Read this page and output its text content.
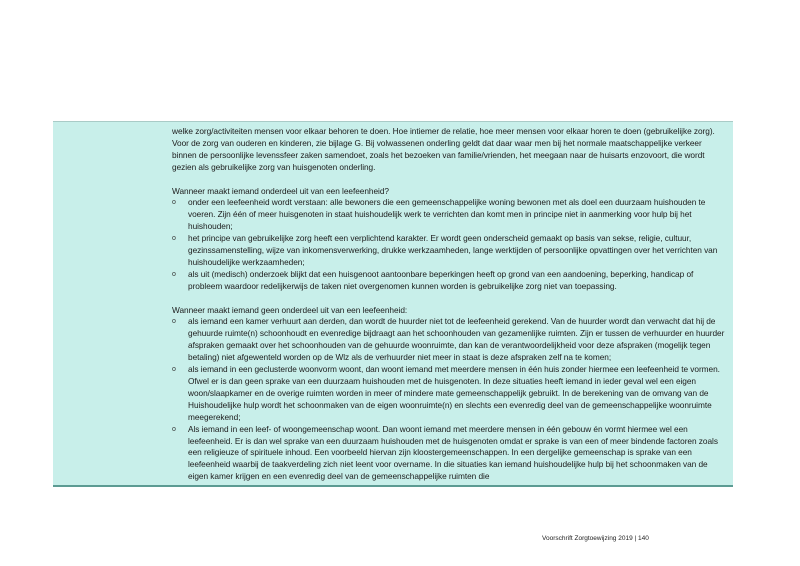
welke zorg/activiteiten mensen voor elkaar behoren te doen. Hoe intiemer de relatie, hoe meer mensen voor elkaar horen te doen (gebruikelijke zorg). Voor de zorg van ouderen en kinderen, zie bijlage G. Bij volwassenen onderling geldt dat daar waar men bij het normale maatschappelijke verkeer binnen de persoonlijke levenssfeer zaken samendoet, zoals het bezoeken van familie/vrienden, het meegaan naar de huisarts enzovoort, die wordt gezien als gebruikelijke zorg van huisgenoten onderling.

Wanneer maakt iemand onderdeel uit van een leefeenheid?

o	onder een leefeenheid wordt verstaan: alle bewoners die een gemeenschappelijke woning bewonen met als doel een duurzaam huishouden te voeren. Zijn één of meer huisgenoten in staat huishoudelijk werk te verrichten dan komt men in principe niet in aanmerking voor hulp bij het huishouden;
o	het principe van gebruikelijke zorg heeft een verplichtend karakter. Er wordt geen onderscheid gemaakt op basis van sekse, religie, cultuur, gezinssamenstelling, wijze van inkomensverwerking, drukke werkzaamheden, lange werktijden of persoonlijke opvattingen over het verrichten van huishoudelijke werkzaamheden;
o	als uit (medisch) onderzoek blijkt dat een huisgenoot aantoonbare beperkingen heeft op grond van een aandoening, beperking, handicap of probleem waardoor redelijkerwijs de taken niet overgenomen kunnen worden is gebruikelijke zorg niet van toepassing.

Wanneer maakt iemand geen onderdeel uit van een leefeenheid:

o	als iemand een kamer verhuurt aan derden, dan wordt de huurder niet tot de leefeenheid gerekend. Van de huurder wordt dan verwacht dat hij de gehuurde ruimte(n) schoonhoudt en evenredige bijdraagt aan het schoonhouden van gezamenlijke ruimten. Zijn er tussen de verhuurder en huurder afspraken gemaakt over het schoonhouden van de gehuurde woonruimte, dan kan de verantwoordelijkheid voor deze afspraken (mogelijk tegen betaling) niet afgewenteld worden op de Wlz als de verhuurder niet meer in staat is deze afspraken zelf na te komen;
o	als iemand in een geclusterde woonvorm woont, dan woont iemand met meerdere mensen in één huis zonder hiermee een leefeenheid te vormen. Ofwel er is dan geen sprake van een duurzaam huishouden met de huisgenoten. In deze situaties heeft iemand in ieder geval wel een eigen woon/slaapkamer en de overige ruimten worden in meer of mindere mate gemeenschappelijk gebruikt. In de berekening van de omvang van de Huishoudelijke hulp wordt het schoonmaken van de eigen woonruimte(n) en slechts een evenredig deel van de gemeenschappelijke woonruimte meegerekend;
o	Als iemand in een leef- of woongemeenschap woont. Dan woont iemand met meerdere mensen in één gebouw én vormt hiermee wel een leefeenheid. Er is dan wel sprake van een duurzaam huishouden met de huisgenoten omdat er sprake is van een of meer bindende factoren zoals een religieuze of spirituele inhoud. Een voorbeeld hiervan zijn kloostergemeenschappen. In een dergelijke gemeenschap is sprake van een leefeenheid waarbij de taakverdeling zich niet leent voor overname. In die situaties kan iemand huishoudelijke hulp bij het schoonmaken van de eigen kamer krijgen en een evenredig deel van de gemeenschappelijke ruimten die
Voorschrift Zorgtoewijzing 2019 | 140
